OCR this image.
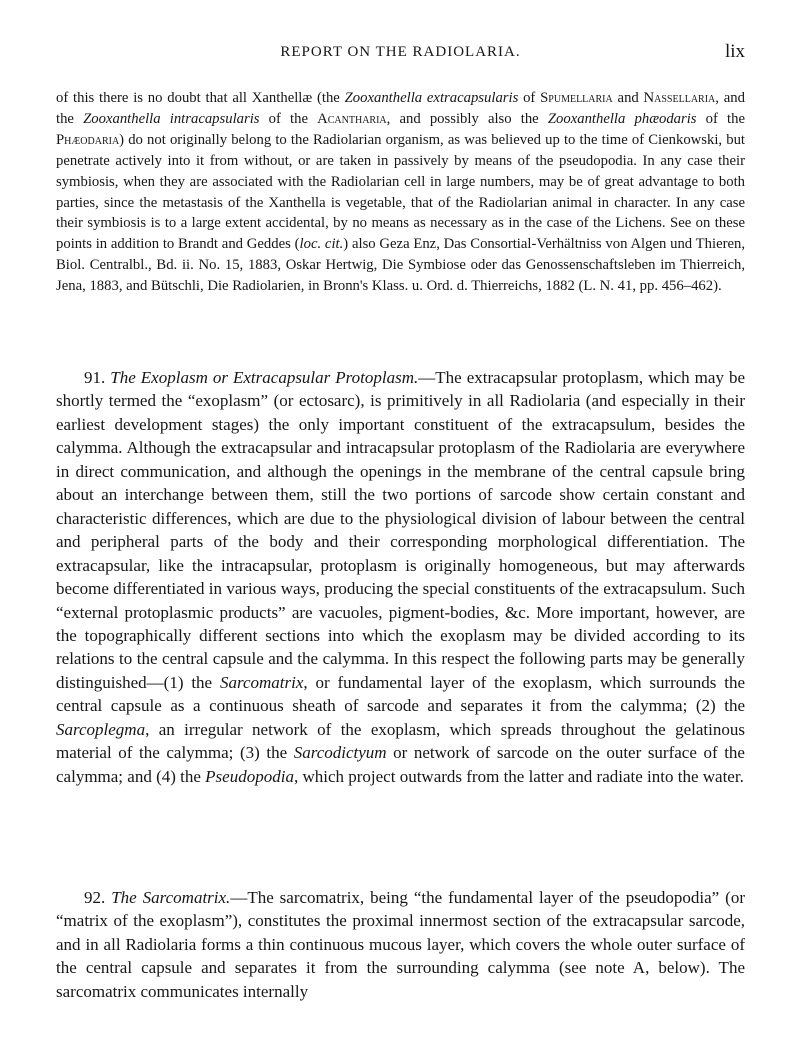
REPORT ON THE RADIOLARIA.	lix

of this there is no doubt that all Xanthellæ (the Zooxanthella extracapsularis of Spumellaria and Nassellaria, and the Zooxanthella intracapsularis of the Acantharia, and possibly also the Zooxanthella phæodaris of the Phæodaria) do not originally belong to the Radiolarian organism, as was believed up to the time of Cienkowski, but penetrate actively into it from without, or are taken in passively by means of the pseudopodia. In any case their symbiosis, when they are associated with the Radiolarian cell in large numbers, may be of great advantage to both parties, since the metastasis of the Xanthella is vegetable, that of the Radiolarian animal in character. In any case their symbiosis is to a large extent accidental, by no means as necessary as in the case of the Lichens. See on these points in addition to Brandt and Geddes (loc. cit.) also Geza Enz, Das Consortial-Verhältniss von Algen und Thieren, Biol. Centralbl., Bd. ii. No. 15, 1883, Oskar Hertwig, Die Symbiose oder das Genossenschaftsleben im Thierreich, Jena, 1883, and Bütschli, Die Radiolarien, in Bronn's Klass. u. Ord. d. Thierreichs, 1882 (L. N. 41, pp. 456–462).

91. The Exoplasm or Extracapsular Protoplasm.—The extracapsular protoplasm, which may be shortly termed the “exoplasm” (or ectosarc), is primitively in all Radiolaria (and especially in their earliest development stages) the only important constituent of the extracapsulum, besides the calymma. Although the extracapsular and intracapsular protoplasm of the Radiolaria are everywhere in direct communication, and although the openings in the membrane of the central capsule bring about an interchange between them, still the two portions of sarcode show certain constant and characteristic differences, which are due to the physiological division of labour between the central and peripheral parts of the body and their corresponding morphological differentiation. The extracapsular, like the intracapsular, protoplasm is originally homogeneous, but may afterwards become differentiated in various ways, producing the special constituents of the extracapsulum. Such “external protoplasmic products” are vacuoles, pigment-bodies, &c. More important, however, are the topographically different sections into which the exoplasm may be divided according to its relations to the central capsule and the calymma. In this respect the following parts may be generally distinguished—(1) the Sarcomatrix, or fundamental layer of the exoplasm, which surrounds the central capsule as a continuous sheath of sarcode and separates it from the calymma; (2) the Sarcoplegma, an irregular network of the exoplasm, which spreads throughout the gelatinous material of the calymma; (3) the Sarcodictyum or network of sarcode on the outer surface of the calymma; and (4) the Pseudopodia, which project outwards from the latter and radiate into the water.

92. The Sarcomatrix.—The sarcomatrix, being “the fundamental layer of the pseudopodia” (or “matrix of the exoplasm”), constitutes the proximal innermost section of the extracapsular sarcode, and in all Radiolaria forms a thin continuous mucous layer, which covers the whole outer surface of the central capsule and separates it from the surrounding calymma (see note A, below). The sarcomatrix communicates internally
